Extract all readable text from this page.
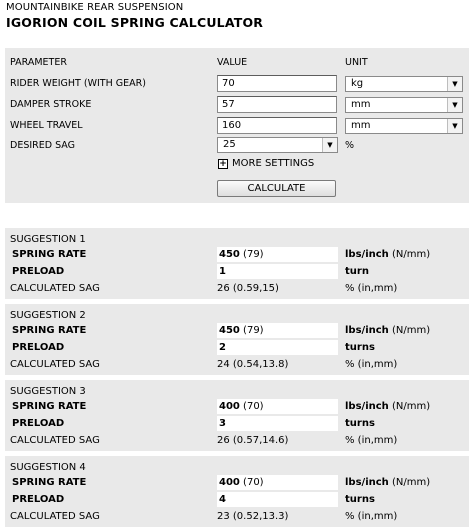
MOUNTAINBIKE REAR SUSPENSION
IGORION COIL SPRING CALCULATOR
PARAMETER	VALUE	UNIT
RIDER WEIGHT (WITH GEAR)	70	kg	▼
DAMPER STROKE	57	mm	▼
WHEEL TRAVEL	160	mm	▼
DESIRED SAG	25	▼	%
+ MORE SETTINGS
CALCULATE
SUGGESTION 1
SPRING RATE	450 (79)	lbs/inch (N/mm)
PRELOAD	1	turn
CALCULATED SAG	26 (0.59,15)	% (in,mm)
SUGGESTION 2
SPRING RATE	450 (79)	lbs/inch (N/mm)
PRELOAD	2	turns
CALCULATED SAG	24 (0.54,13.8)	% (in,mm)
SUGGESTION 3
SPRING RATE	400 (70)	lbs/inch (N/mm)
PRELOAD	3	turns
CALCULATED SAG	26 (0.57,14.6)	% (in,mm)
SUGGESTION 4
SPRING RATE	400 (70)	lbs/inch (N/mm)
PRELOAD	4	turns
CALCULATED SAG	23 (0.52,13.3)	% (in,mm)
